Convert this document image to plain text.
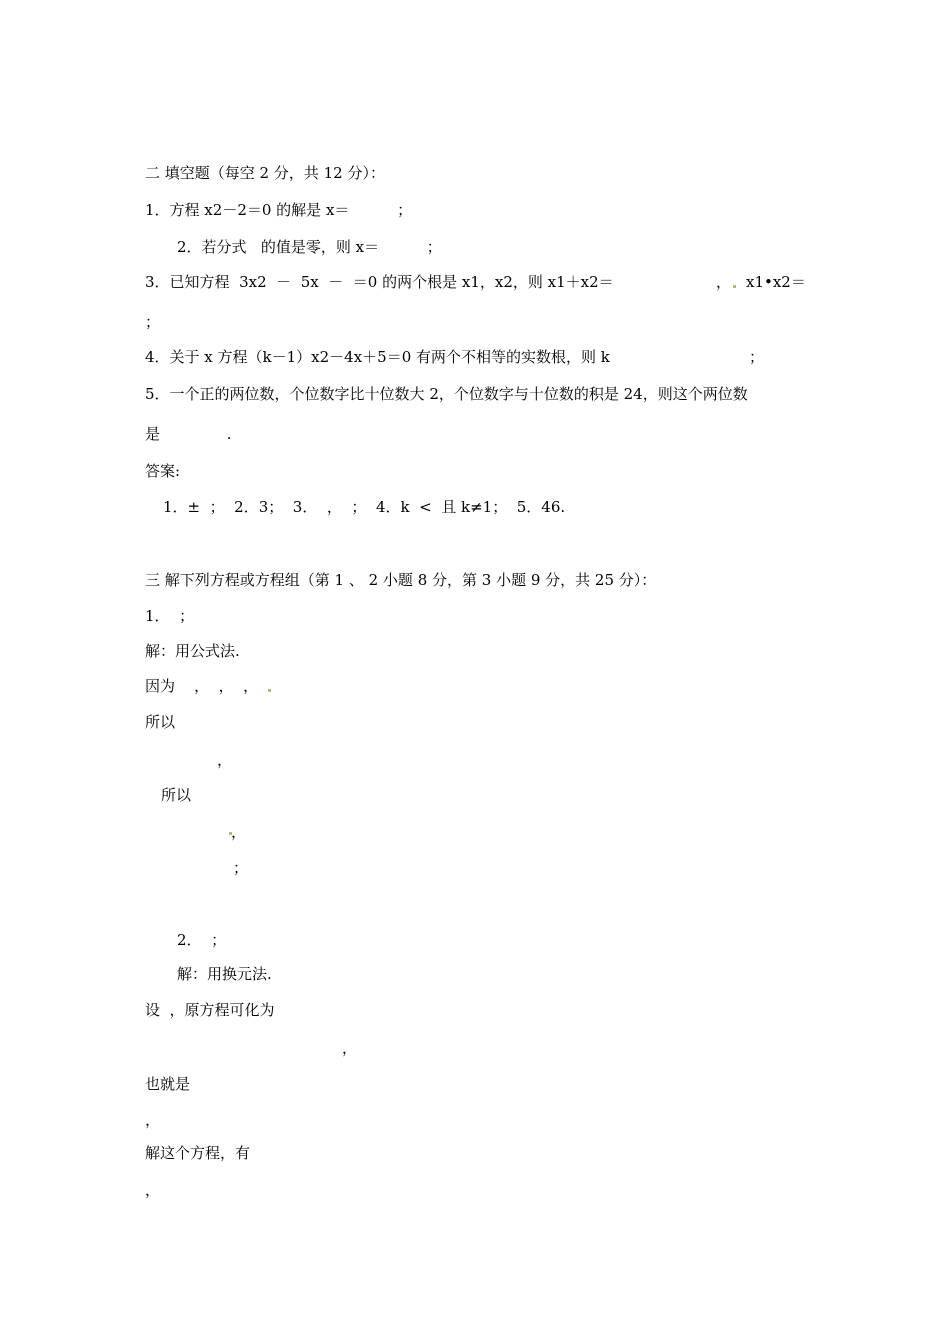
二 填空题（每空 2 分，共 12 分）：
1．方程 x2－2＝0 的解是 x＝          ；
2．若分式   的值是零，则 x＝          ；
3．已知方程  3x2  －  5x  －  ＝0 的两个根是 x1，x2，则 x1＋x2＝	， x1•x2＝
；
4．关于 x 方程（k－1）x2－4x＋5＝0 有两个不相等的实数根，则 k	；
5．一个正的两位数，个位数字比十位数大 2，个位数字与十位数的积是 24，则这个两位数
是              .
答案:
1．±  ；  2．3；  3．  ，  ；  4．k  <  且 k≠1；  5．46.
三 解下列方程或方程组（第 1 、 2 小题 8 分，第 3 小题 9 分，共 25 分）：
1．  ；
解：用公式法.
因为    ，  ，  ，
所以
，
所以
，
；
2．  ；
解：用换元法.
设  ，原方程可化为
，
也就是
，
解这个方程，有
，
